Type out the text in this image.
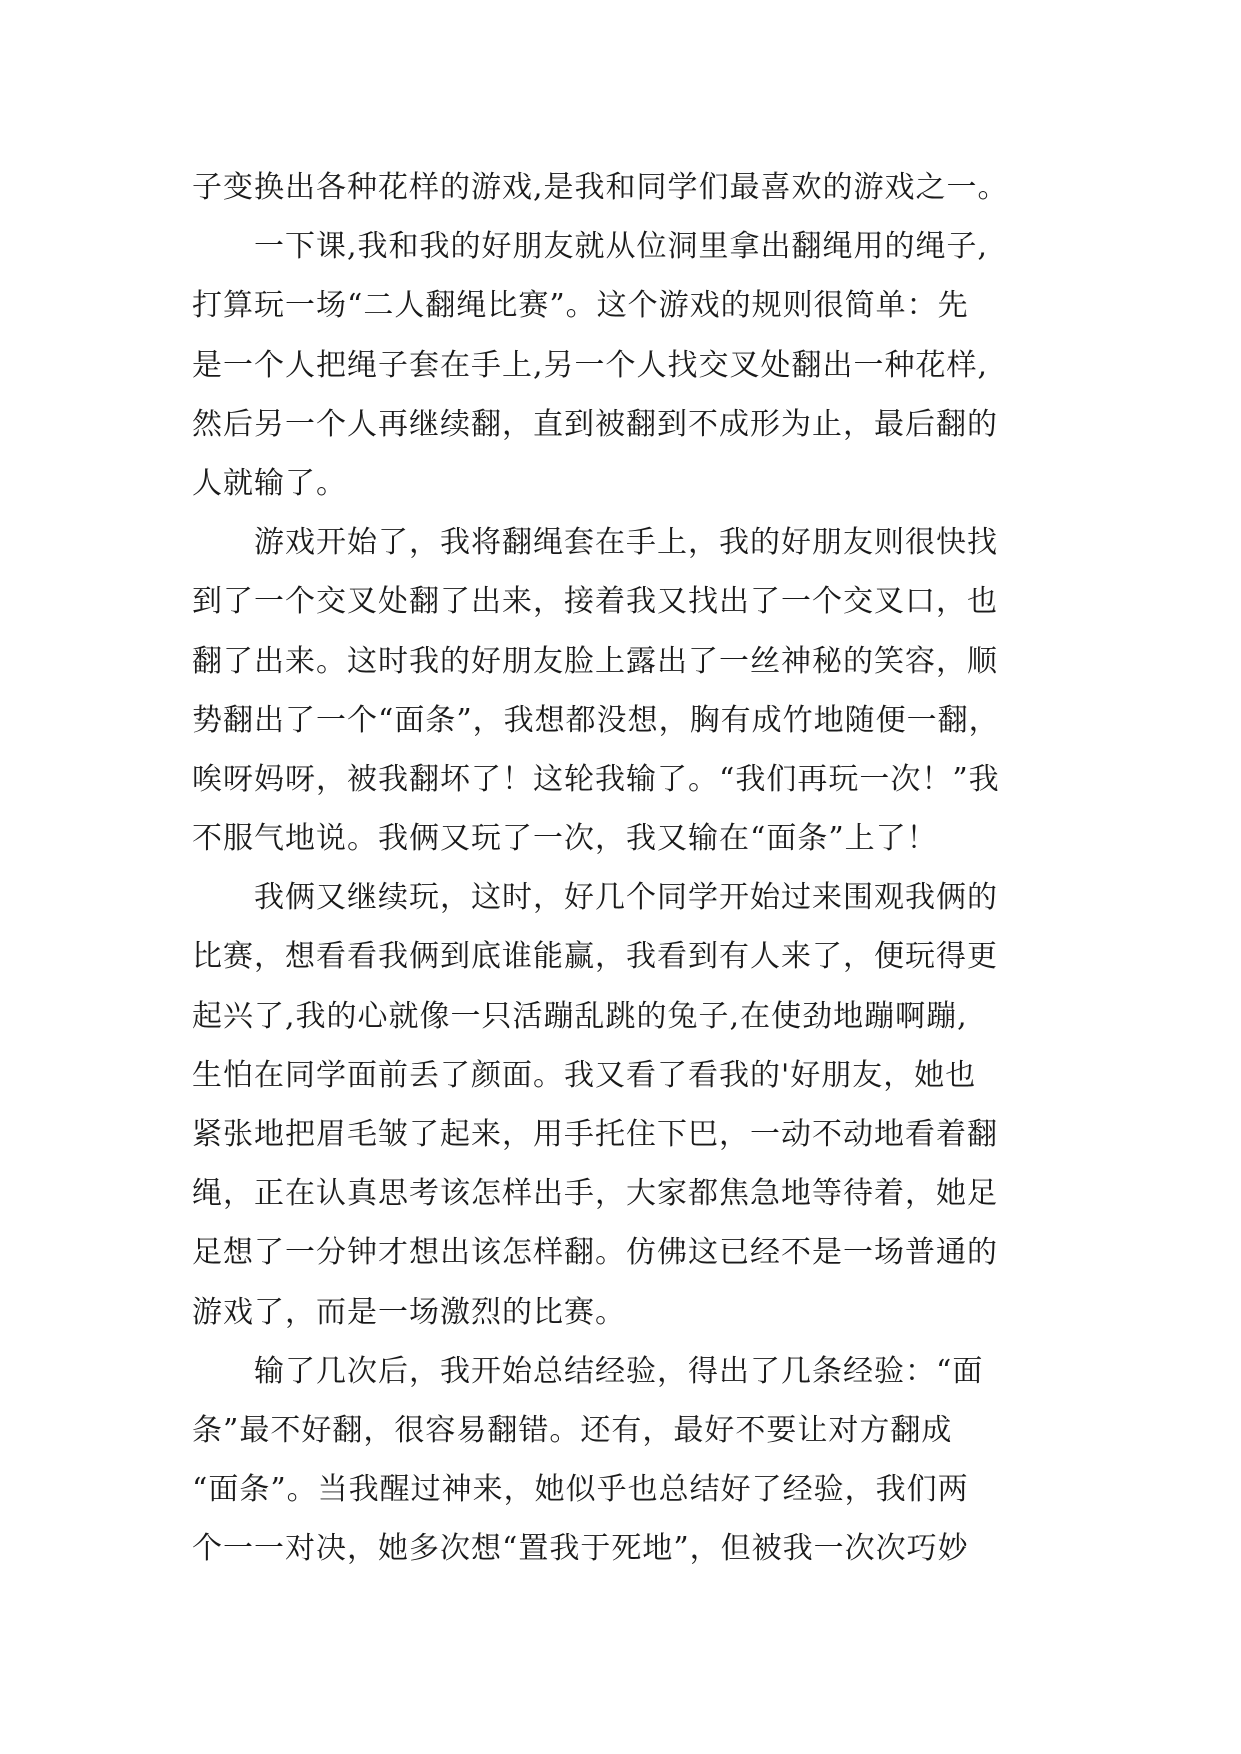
子变换出各种花样的游戏,是我和同学们最喜欢的游戏之一。
　　一下课,我和我的好朋友就从位洞里拿出翻绳用的绳子,
打算玩一场“二人翻绳比赛”。这个游戏的规则很简单：先
是一个人把绳子套在手上,另一个人找交叉处翻出一种花样,
然后另一个人再继续翻，直到被翻到不成形为止，最后翻的
人就输了。
　　游戏开始了，我将翻绳套在手上，我的好朋友则很快找
到了一个交叉处翻了出来，接着我又找出了一个交叉口，也
翻了出来。这时我的好朋友脸上露出了一丝神秘的笑容，顺
势翻出了一个“面条”，我想都没想，胸有成竹地随便一翻，
唉呀妈呀，被我翻坏了！这轮我输了。“我们再玩一次！”我
不服气地说。我俩又玩了一次，我又输在“面条”上了！
　　我俩又继续玩，这时，好几个同学开始过来围观我俩的
比赛，想看看我俩到底谁能赢，我看到有人来了，便玩得更
起兴了,我的心就像一只活蹦乱跳的兔子,在使劲地蹦啊蹦,
生怕在同学面前丢了颜面。我又看了看我的'好朋友，她也
紧张地把眉毛皱了起来，用手托住下巴，一动不动地看着翻
绳，正在认真思考该怎样出手，大家都焦急地等待着，她足
足想了一分钟才想出该怎样翻。仿佛这已经不是一场普通的
游戏了，而是一场激烈的比赛。
　　输了几次后，我开始总结经验，得出了几条经验：“面
条”最不好翻，很容易翻错。还有，最好不要让对方翻成
“面条”。当我醒过神来，她似乎也总结好了经验，我们两
个一一对决，她多次想“置我于死地”，但被我一次次巧妙
